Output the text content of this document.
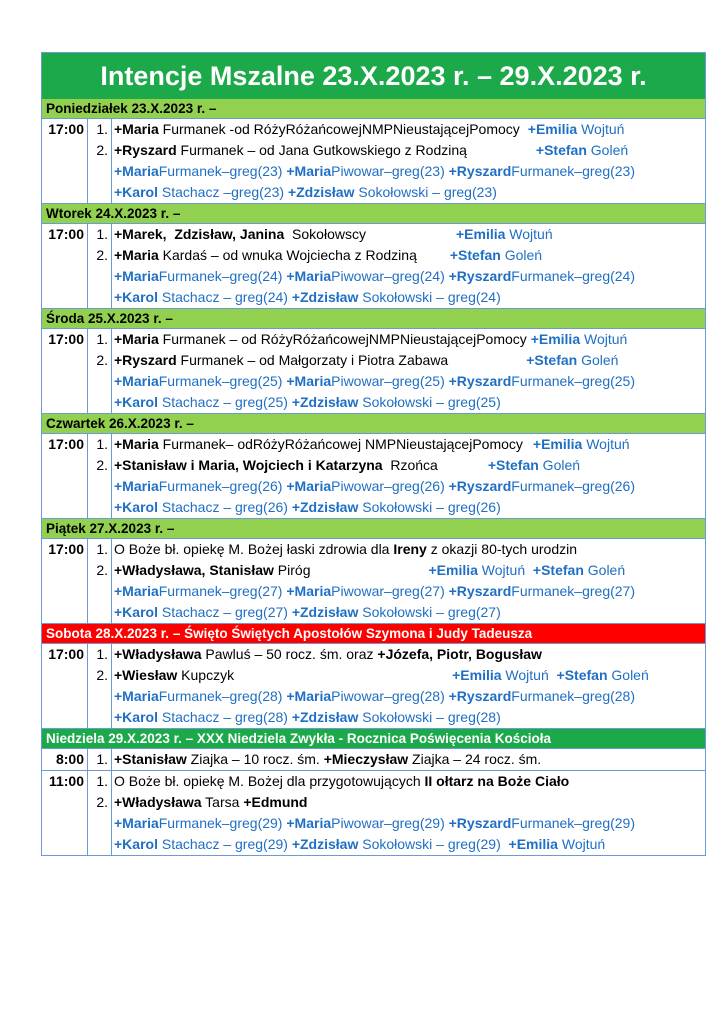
Intencje Mszalne 23.X.2023 r. – 29.X.2023 r.
Poniedziałek 23.X.2023 r. –
17:00 1. +Maria Furmanek -od RóżyRóżańcowejNMPNieustającejPomocy +Emilia Wojtuń
2. +Ryszard Furmanek – od Jana Gutkowskiego z Rodziną	+Stefan Goleń
+MariaFurmanek–greg(23) +MariaPiwowar–greg(23) +RyszardFurmanek–greg(23)
+Karol Stachacz –greg(23) +Zdzisław Sokołowski – greg(23)
Wtorek 24.X.2023 r. –
17:00 1. +Marek,  Zdzisław, Janina  Sokołowscy	+Emilia Wojtuń
2. +Maria Kardaś – od wnuka Wojciecha z Rodziną +Stefan Goleń
+MariaFurmanek–greg(24) +MariaPiwowar–greg(24) +RyszardFurmanek–greg(24)
+Karol Stachacz – greg(24) +Zdzisław Sokołowski – greg(24)
Środa 25.X.2023 r. –
17:00 1. +Maria Furmanek – od RóżyRóżańcowejNMPNieustającejPomocy +Emilia Wojtuń
2. +Ryszard Furmanek – od Małgorzaty i Piotra Zabawa	+Stefan Goleń
+MariaFurmanek–greg(25) +MariaPiwowar–greg(25) +RyszardFurmanek–greg(25)
+Karol Stachacz – greg(25) +Zdzisław Sokołowski – greg(25)
Czwartek 26.X.2023 r. –
17:00 1. +Maria Furmanek– odRóżyRóżańcowej NMPNieustającejPomocy +Emilia Wojtuń
2. +Stanisław i Maria, Wojciech i Katarzyna  Rzońca	+Stefan Goleń
+MariaFurmanek–greg(26) +MariaPiwowar–greg(26) +RyszardFurmanek–greg(26)
+Karol Stachacz – greg(26) +Zdzisław Sokołowski – greg(26)
Piątek 27.X.2023 r. –
17:00 1. O Boże bł. opiekę M. Bożej łaski zdrowia dla Ireny z okazji 80-tych urodzin
2. +Władysława, Stanisław Piróg	+Emilia Wojtuń  +Stefan Goleń
+MariaFurmanek–greg(27) +MariaPiwowar–greg(27) +RyszardFurmanek–greg(27)
+Karol Stachacz – greg(27) +Zdzisław Sokołowski – greg(27)
Sobota 28.X.2023 r. – Święto Świętych Apostołów Szymona i Judy Tadeusza
17:00 1. +Władysława Pawluś – 50 rocz. śm. oraz +Józefa, Piotr, Bogusław
2. +Wiesław Kupczyk	+Emilia Wojtuń  +Stefan Goleń
+MariaFurmanek–greg(28) +MariaPiwowar–greg(28) +RyszardFurmanek–greg(28)
+Karol Stachacz – greg(28) +Zdzisław Sokołowski – greg(28)
Niedziela 29.X.2023 r. – XXX Niedziela Zwykła - Rocznica Poświęcenia Kościoła
8:00 1. +Stanisław Ziajka – 10 rocz. śm. +Mieczysław Ziajka – 24 rocz. śm.
11:00 1. O Boże bł. opiekę M. Bożej dla przygotowujących II ołtarz na Boże Ciało
2. +Władysława Tarsa +Edmund
+MariaFurmanek–greg(29) +MariaPiwowar–greg(29) +RyszardFurmanek–greg(29)
+Karol Stachacz – greg(29) +Zdzisław Sokołowski – greg(29)  +Emilia Wojtuń
